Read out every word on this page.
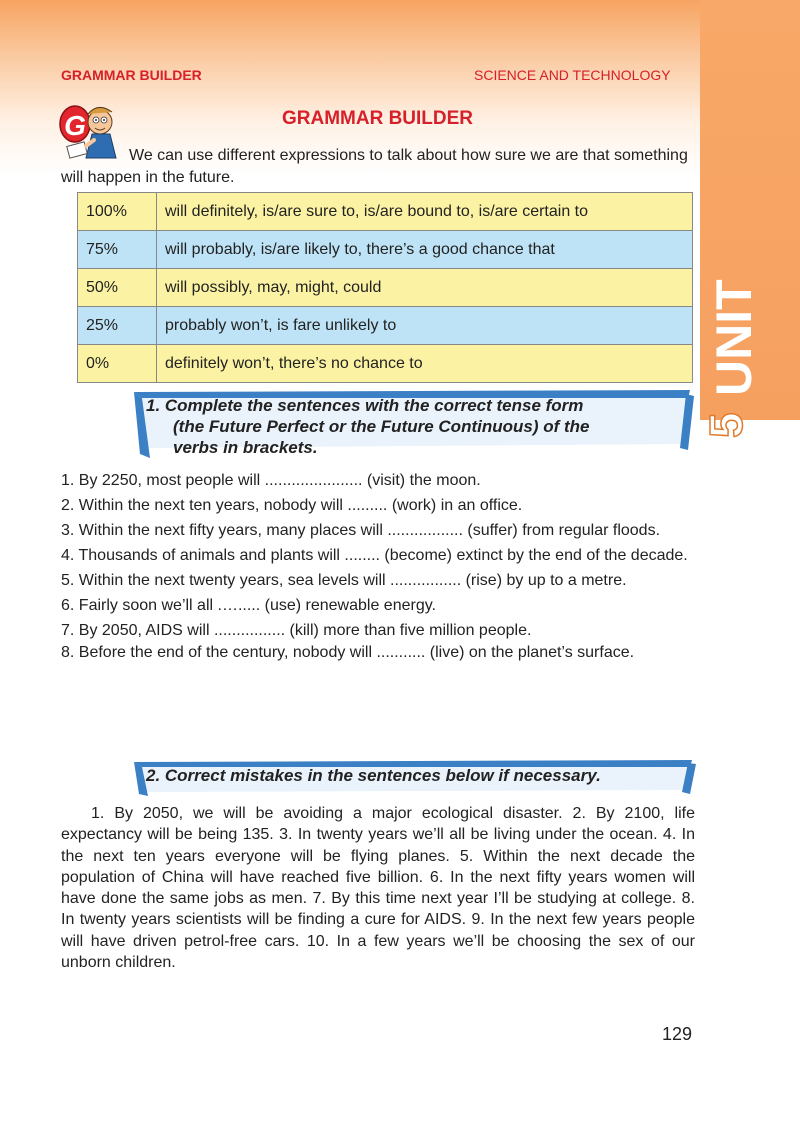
UNIT
5
GRAMMAR BUILDER	SCIENCE AND TECHNOLOGY
G	GRAMMAR BUILDER
We can use different expressions to talk about how sure we are that something will happen in the future.
100%	will definitely, is/are sure to, is/are bound to, is/are certain to
75%	will probably, is/are likely to, there’s a good chance that
50%	will possibly, may, might, could
25%	probably won’t, is fare unlikely to
0%	definitely won’t, there’s no chance to
1. Complete the sentences with the correct tense form
(the Future Perfect or the Future Continuous) of the
verbs in brackets.

1. By 2250, most people will ...................... (visit) the moon.

2. Within the next ten years, nobody will ......... (work) in an office.

3. Within the next fifty years, many places will ................. (suffer) from regular floods.

4. Thousands of animals and plants will ........ (become) extinct by the end of the decade.

5. Within the next twenty years, sea levels will ................ (rise) by up to a metre.

6. Fairly soon we’ll all .…..... (use) renewable energy.

7. By 2050, AIDS will ................ (kill) more than five million people.

8. Before the end of the century, nobody will ........... (live) on the planet’s surface.

2. Correct mistakes in the sentences below if necessary.

1. By 2050, we will be avoiding a major ecological disaster. 2. By 2100, life expectancy will be being 135. 3. In twenty years we’ll all be living under the ocean. 4. In the next ten years everyone will be flying planes. 5. Within the next decade the population of China will have reached five billion. 6. In the next fifty years women will have done the same jobs as men. 7. By this time next year I’ll be studying at college. 8. In twenty years scientists will be finding a cure for AIDS. 9. In the next few years people will have driven petrol-free cars. 10. In a few years we’ll be choosing the sex of our unborn children.

129
